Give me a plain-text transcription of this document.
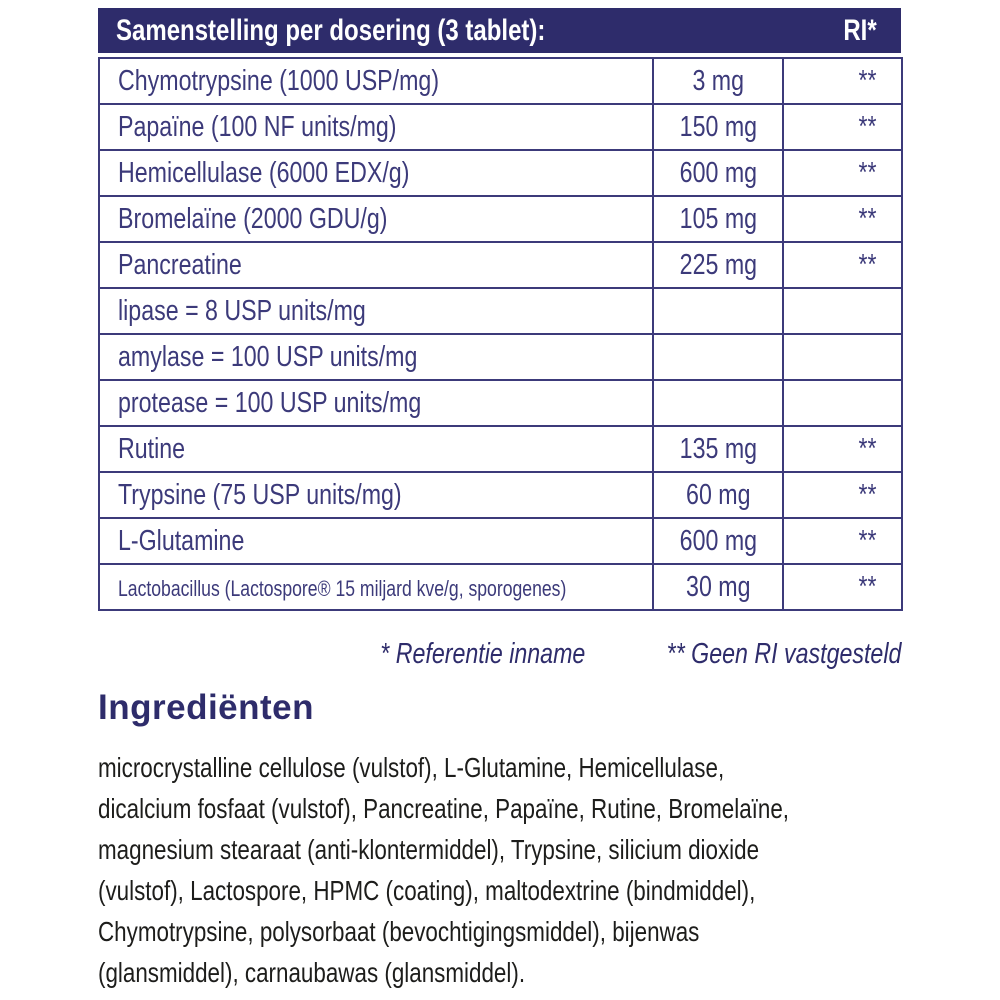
Samenstelling per dosering (3 tablet):	RI*
Chymotrypsine (1000 USP/mg)	3 mg	**
Papaïne (100 NF units/mg)	150 mg	**
Hemicellulase (6000 EDX/g)	600 mg	**
Bromelaïne (2000 GDU/g)	105 mg	**
Pancreatine	225 mg	**
lipase = 8 USP units/mg		
amylase = 100 USP units/mg		
protease = 100 USP units/mg		
Rutine	135 mg	**
Trypsine (75 USP units/mg)	60 mg	**
L-Glutamine	600 mg	**
Lactobacillus (Lactospore® 15 miljard kve/g, sporogenes)	30 mg	**
* Referentie inname	** Geen RI vastgesteld
Ingrediënten
microcrystalline cellulose (vulstof), L-Glutamine, Hemicellulase,
dicalcium fosfaat (vulstof), Pancreatine, Papaïne, Rutine, Bromelaïne,
magnesium stearaat (anti-klontermiddel), Trypsine, silicium dioxide
(vulstof), Lactospore, HPMC (coating), maltodextrine (bindmiddel),
Chymotrypsine, polysorbaat (bevochtigingsmiddel), bijenwas
(glansmiddel), carnaubawas (glansmiddel).
